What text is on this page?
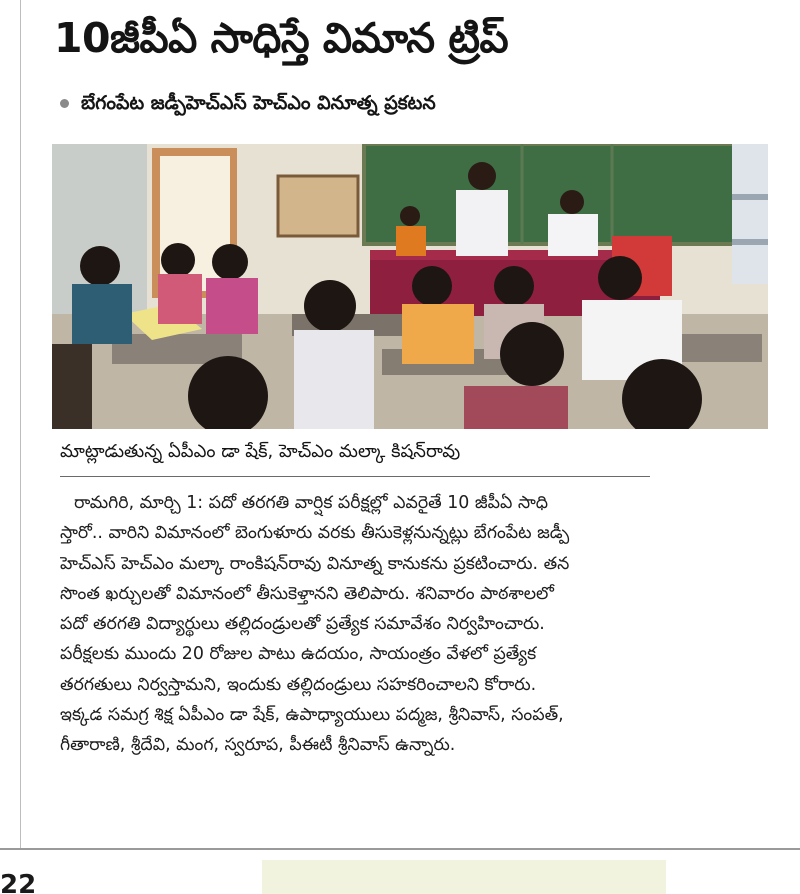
10జీపీఏ సాధిస్తే విమాన ట్రిప్
బేగంపేట జడ్పీహెచ్ఎస్ హెచ్ఎం వినూత్న ప్రకటన
మాట్లాడుతున్న ఏపీఎం డా షేక్, హెచ్ఎం మల్కా కిషన్‌రావు
రామగిరి, మార్చి 1: పదో తరగతి వార్షిక పరీక్షల్లో ఎవరైతే 10 జీపీఏ సాధి
స్తారో.. వారిని విమానంలో బెంగుళూరు వరకు తీసుకెళ్లనున్నట్లు బేగంపేట జడ్పీ
హెచ్ఎస్ హెచ్ఎం మల్కా రాంకిషన్‌రావు వినూత్న కానుకను ప్రకటించారు. తన
సొంత ఖర్చులతో విమానంలో తీసుకెళ్తానని తెలిపారు. శనివారం పాఠశాలలో
పదో తరగతి విద్యార్థులు తల్లిదండ్రులతో ప్రత్యేక సమావేశం నిర్వహించారు.
పరీక్షలకు ముందు 20 రోజుల పాటు ఉదయం, సాయంత్రం వేళలో ప్రత్యేక
తరగతులు నిర్వస్తామని, ఇందుకు తల్లిదండ్రులు సహకరించాలని కోరారు.
ఇక్కడ సమగ్ర శిక్ష ఏపీఎం డా షేక్, ఉపాధ్యాయులు పద్మజ, శ్రీనివాస్, సంపత్,
గీతారాణి, శ్రీదేవి, మంగ, స్వరూప, పీఈటీ శ్రీనివాస్ ఉన్నారు.
22
